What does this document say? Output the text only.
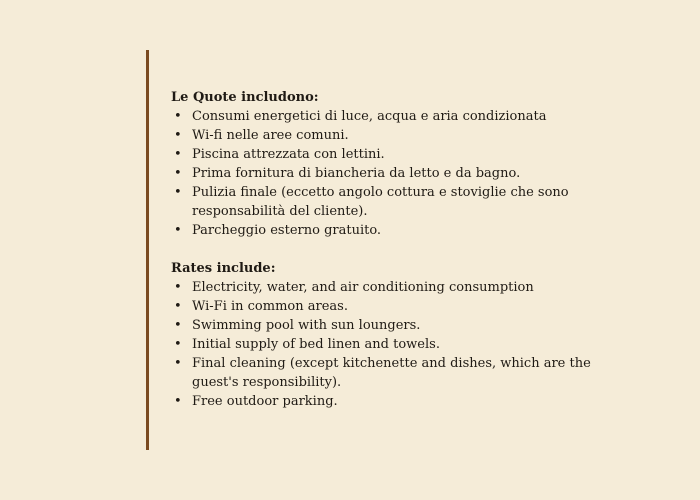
Le Quote includono:

• Consumi energetici di luce, acqua e aria condizionata
• Wi-fi nelle aree comuni.
• Piscina attrezzata con lettini.
• Prima fornitura di biancheria da letto e da bagno.
• Pulizia finale (eccetto angolo cottura e stoviglie che sono responsabilità del cliente).
• Parcheggio esterno gratuito.

Rates include:

• Electricity, water, and air conditioning consumption
• Wi-Fi in common areas.
• Swimming pool with sun loungers.
• Initial supply of bed linen and towels.
• Final cleaning (except kitchenette and dishes, which are the guest's responsibility).
• Free outdoor parking.
